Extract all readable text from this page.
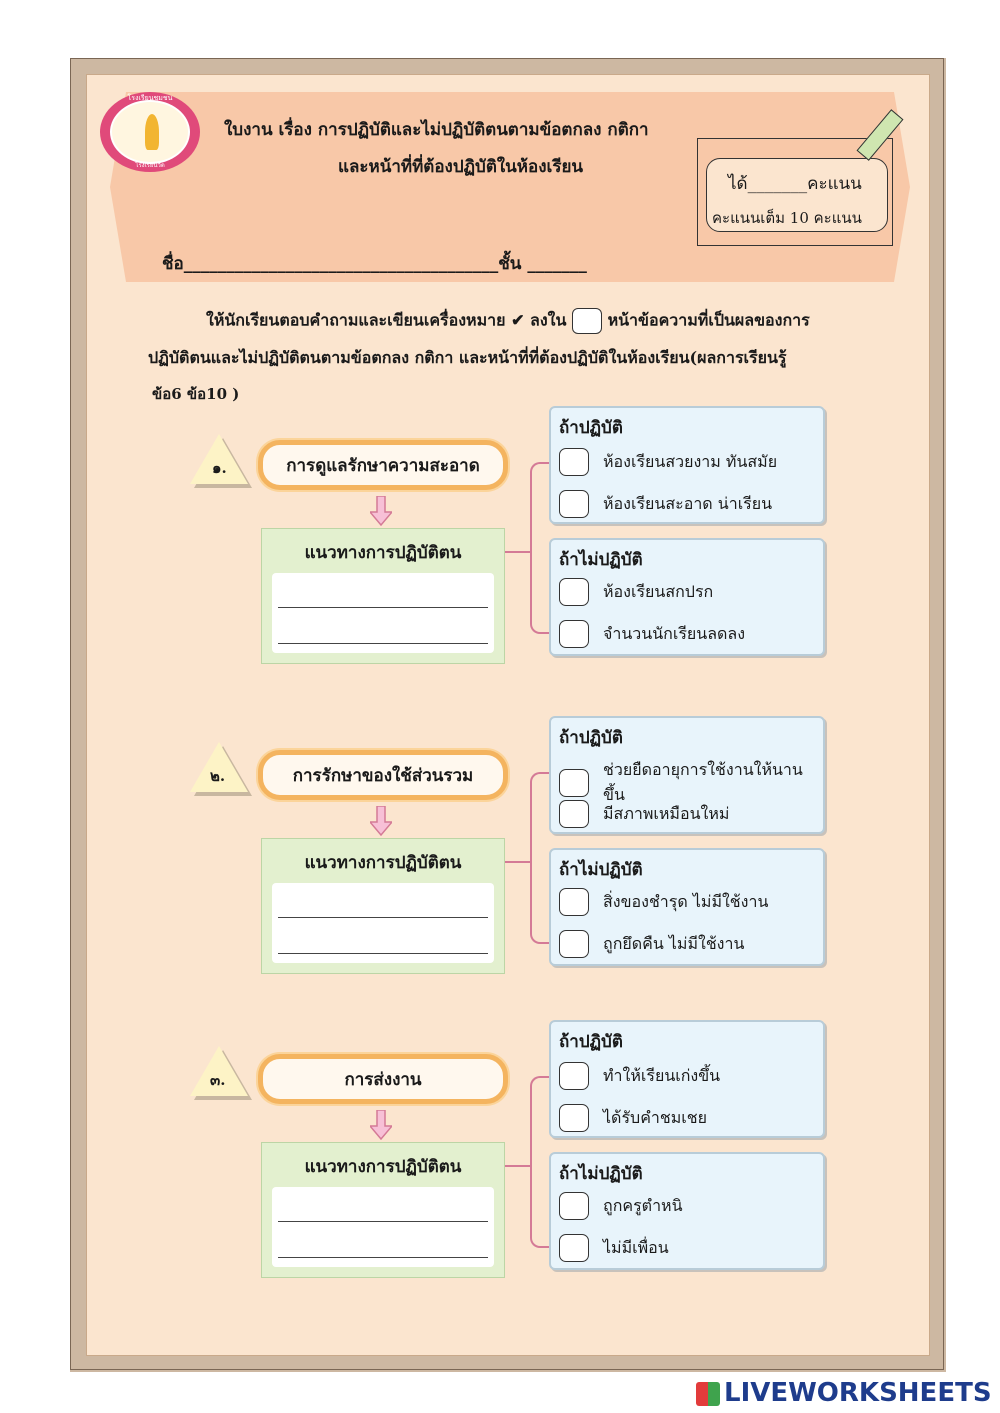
โรงเรียนชุมชน
โรงเรียนวัด
ใบงาน เรื่อง การปฏิบัติและไม่ปฏิบัติตนตามข้อตกลง กติกา
และหน้าที่ที่ต้องปฏิบัติในห้องเรียน
ได้_______คะแนน
คะแนนเต็ม 10 คะแนน
ชื่อ_____________________________________ชั้น _______
ให้นักเรียนตอบคำถามและเขียนเครื่องหมาย ✔ ลงใน	หน้าข้อความที่เป็นผลของการ
ปฏิบัติตนและไม่ปฏิบัติตนตามข้อตกลง กติกา และหน้าที่ที่ต้องปฏิบัติในห้องเรียน(ผลการเรียนรู้
ข้อ6 ข้อ10 )
๑.	การดูแลรักษาความสะอาด
แนวทางการปฏิบัติตน
ถ้าปฏิบัติ
ห้องเรียนสวยงาม ทันสมัย
ห้องเรียนสะอาด น่าเรียน
ถ้าไม่ปฏิบัติ
ห้องเรียนสกปรก
จำนวนนักเรียนลดลง
๒.	การรักษาของใช้ส่วนรวม
แนวทางการปฏิบัติตน
ถ้าปฏิบัติ
ช่วยยืดอายุการใช้งานให้นานขึ้น
มีสภาพเหมือนใหม่
ถ้าไม่ปฏิบัติ
สิ่งของชำรุด ไม่มีใช้งาน
ถูกยึดคืน ไม่มีใช้งาน
๓.	การส่งงาน
แนวทางการปฏิบัติตน
ถ้าปฏิบัติ
ทำให้เรียนเก่งขึ้น
ได้รับคำชมเชย
ถ้าไม่ปฏิบัติ
ถูกครูตำหนิ
ไม่มีเพื่อน
LIVEWORKSHEETS
